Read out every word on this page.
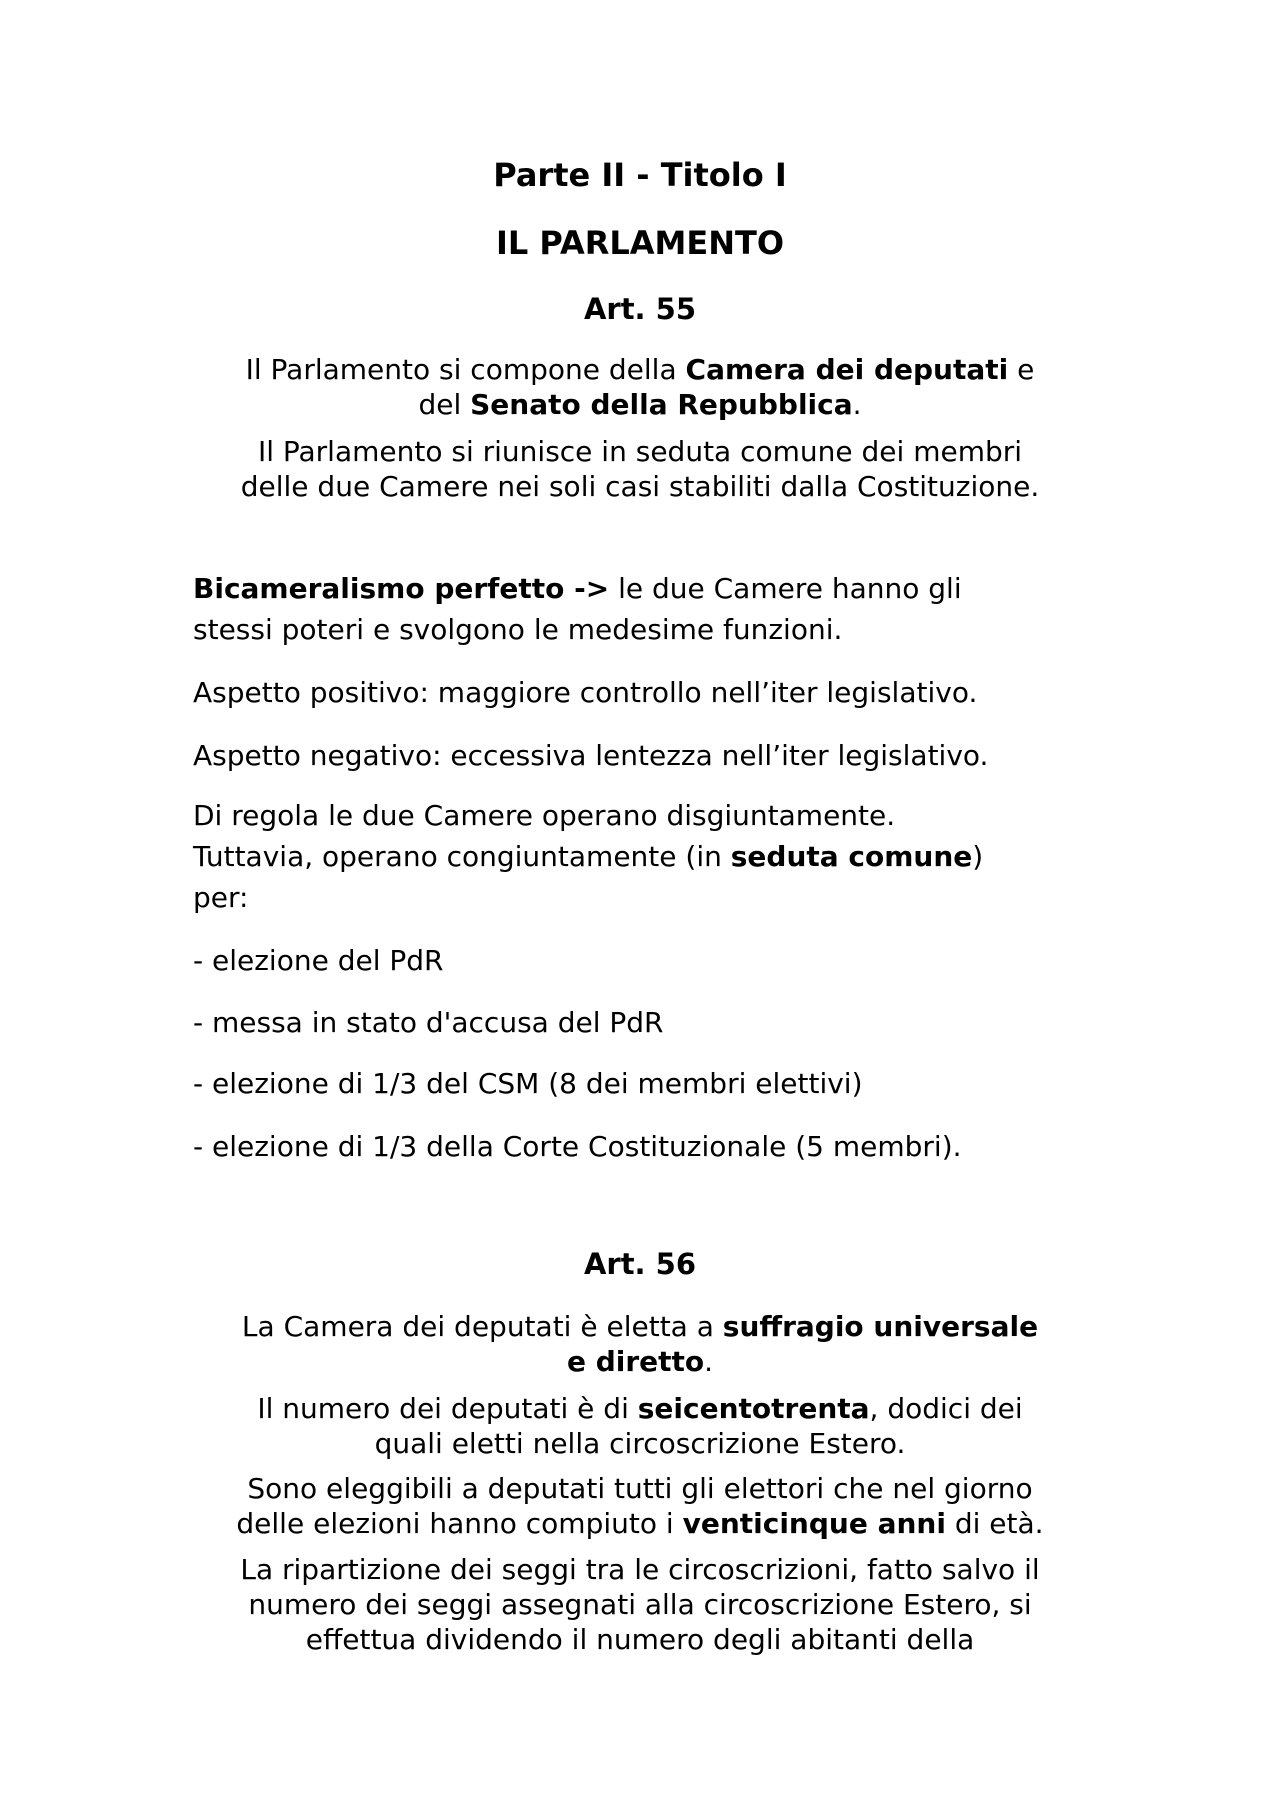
Parte II - Titolo I
IL PARLAMENTO
Art. 55
Il Parlamento si compone della Camera dei deputati e
del Senato della Repubblica.
Il Parlamento si riunisce in seduta comune dei membri
delle due Camere nei soli casi stabiliti dalla Costituzione.
Bicameralismo perfetto -> le due Camere hanno gli
stessi poteri e svolgono le medesime funzioni.
Aspetto positivo: maggiore controllo nell’iter legislativo.
Aspetto negativo: eccessiva lentezza nell’iter legislativo.
Di regola le due Camere operano disgiuntamente.
Tuttavia, operano congiuntamente (in seduta comune)
per:
- elezione del PdR
- messa in stato d'accusa del PdR
- elezione di 1/3 del CSM (8 dei membri elettivi)
- elezione di 1/3 della Corte Costituzionale (5 membri).
Art. 56
La Camera dei deputati è eletta a suffragio universale
e diretto.
Il numero dei deputati è di seicentotrenta, dodici dei
quali eletti nella circoscrizione Estero.
Sono eleggibili a deputati tutti gli elettori che nel giorno
delle elezioni hanno compiuto i venticinque anni di età.
La ripartizione dei seggi tra le circoscrizioni, fatto salvo il
numero dei seggi assegnati alla circoscrizione Estero, si
effettua dividendo il numero degli abitanti della
